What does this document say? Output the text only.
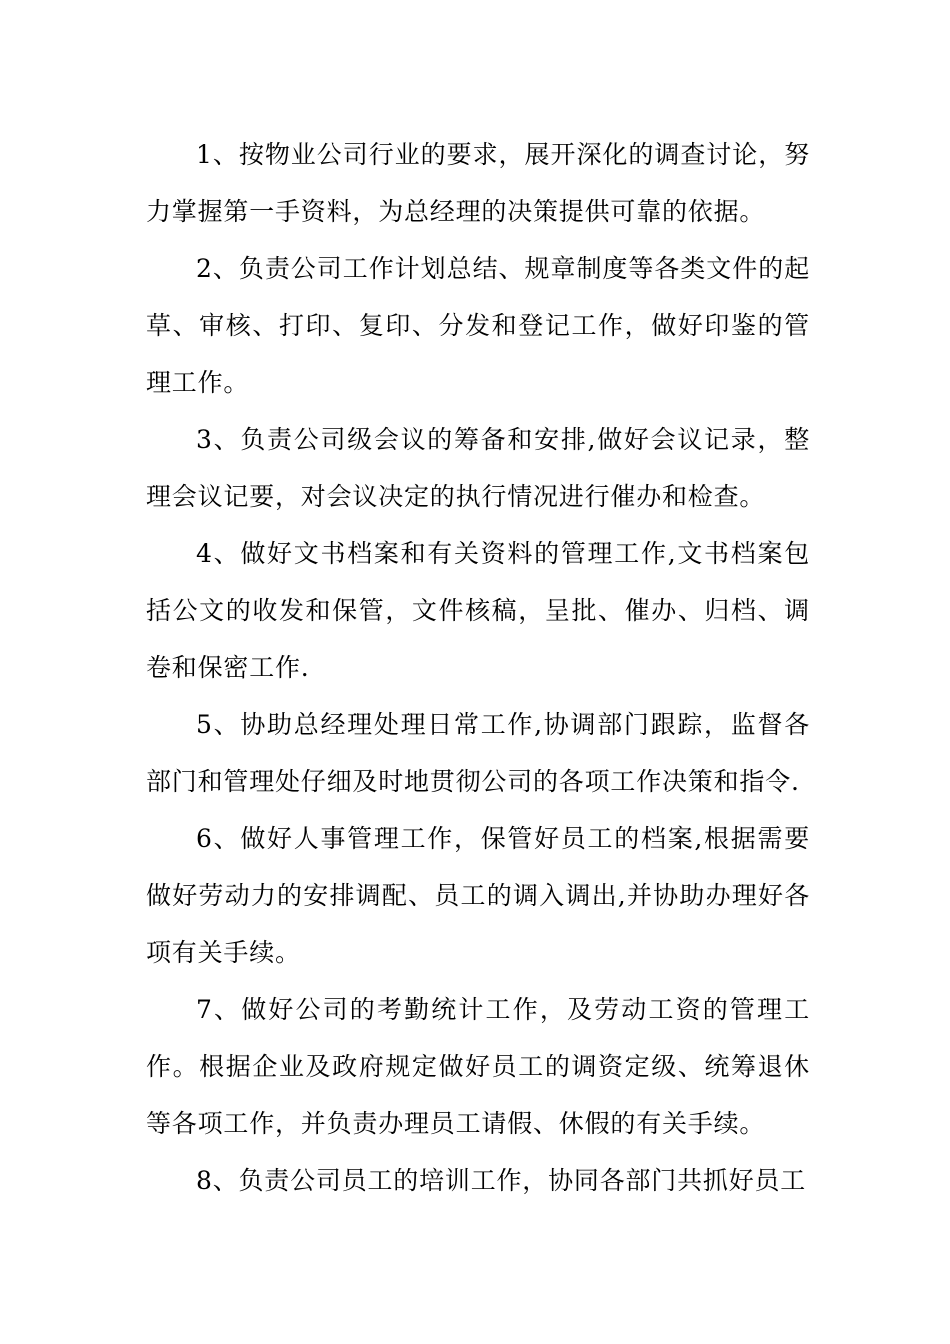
1、按物业公司行业的要求，展开深化的调查讨论，努力掌握第一手资料，为总经理的决策提供可靠的依据。

2、负责公司工作计划总结、规章制度等各类文件的起草、审核、打印、复印、分发和登记工作，做好印鉴的管理工作。

3、负责公司级会议的筹备和安排,做好会议记录，整理会议记要，对会议决定的执行情况进行催办和检查。

4、做好文书档案和有关资料的管理工作,文书档案包括公文的收发和保管，文件核稿，呈批、催办、归档、调卷和保密工作.

5、协助总经理处理日常工作,协调部门跟踪，监督各部门和管理处仔细及时地贯彻公司的各项工作决策和指令.

6、做好人事管理工作，保管好员工的档案,根据需要做好劳动力的安排调配、员工的调入调出,并协助办理好各项有关手续。

7、做好公司的考勤统计工作，及劳动工资的管理工作。根据企业及政府规定做好员工的调资定级、统筹退休等各项工作，并负责办理员工请假、休假的有关手续。

8、负责公司员工的培训工作，协同各部门共抓好员工
